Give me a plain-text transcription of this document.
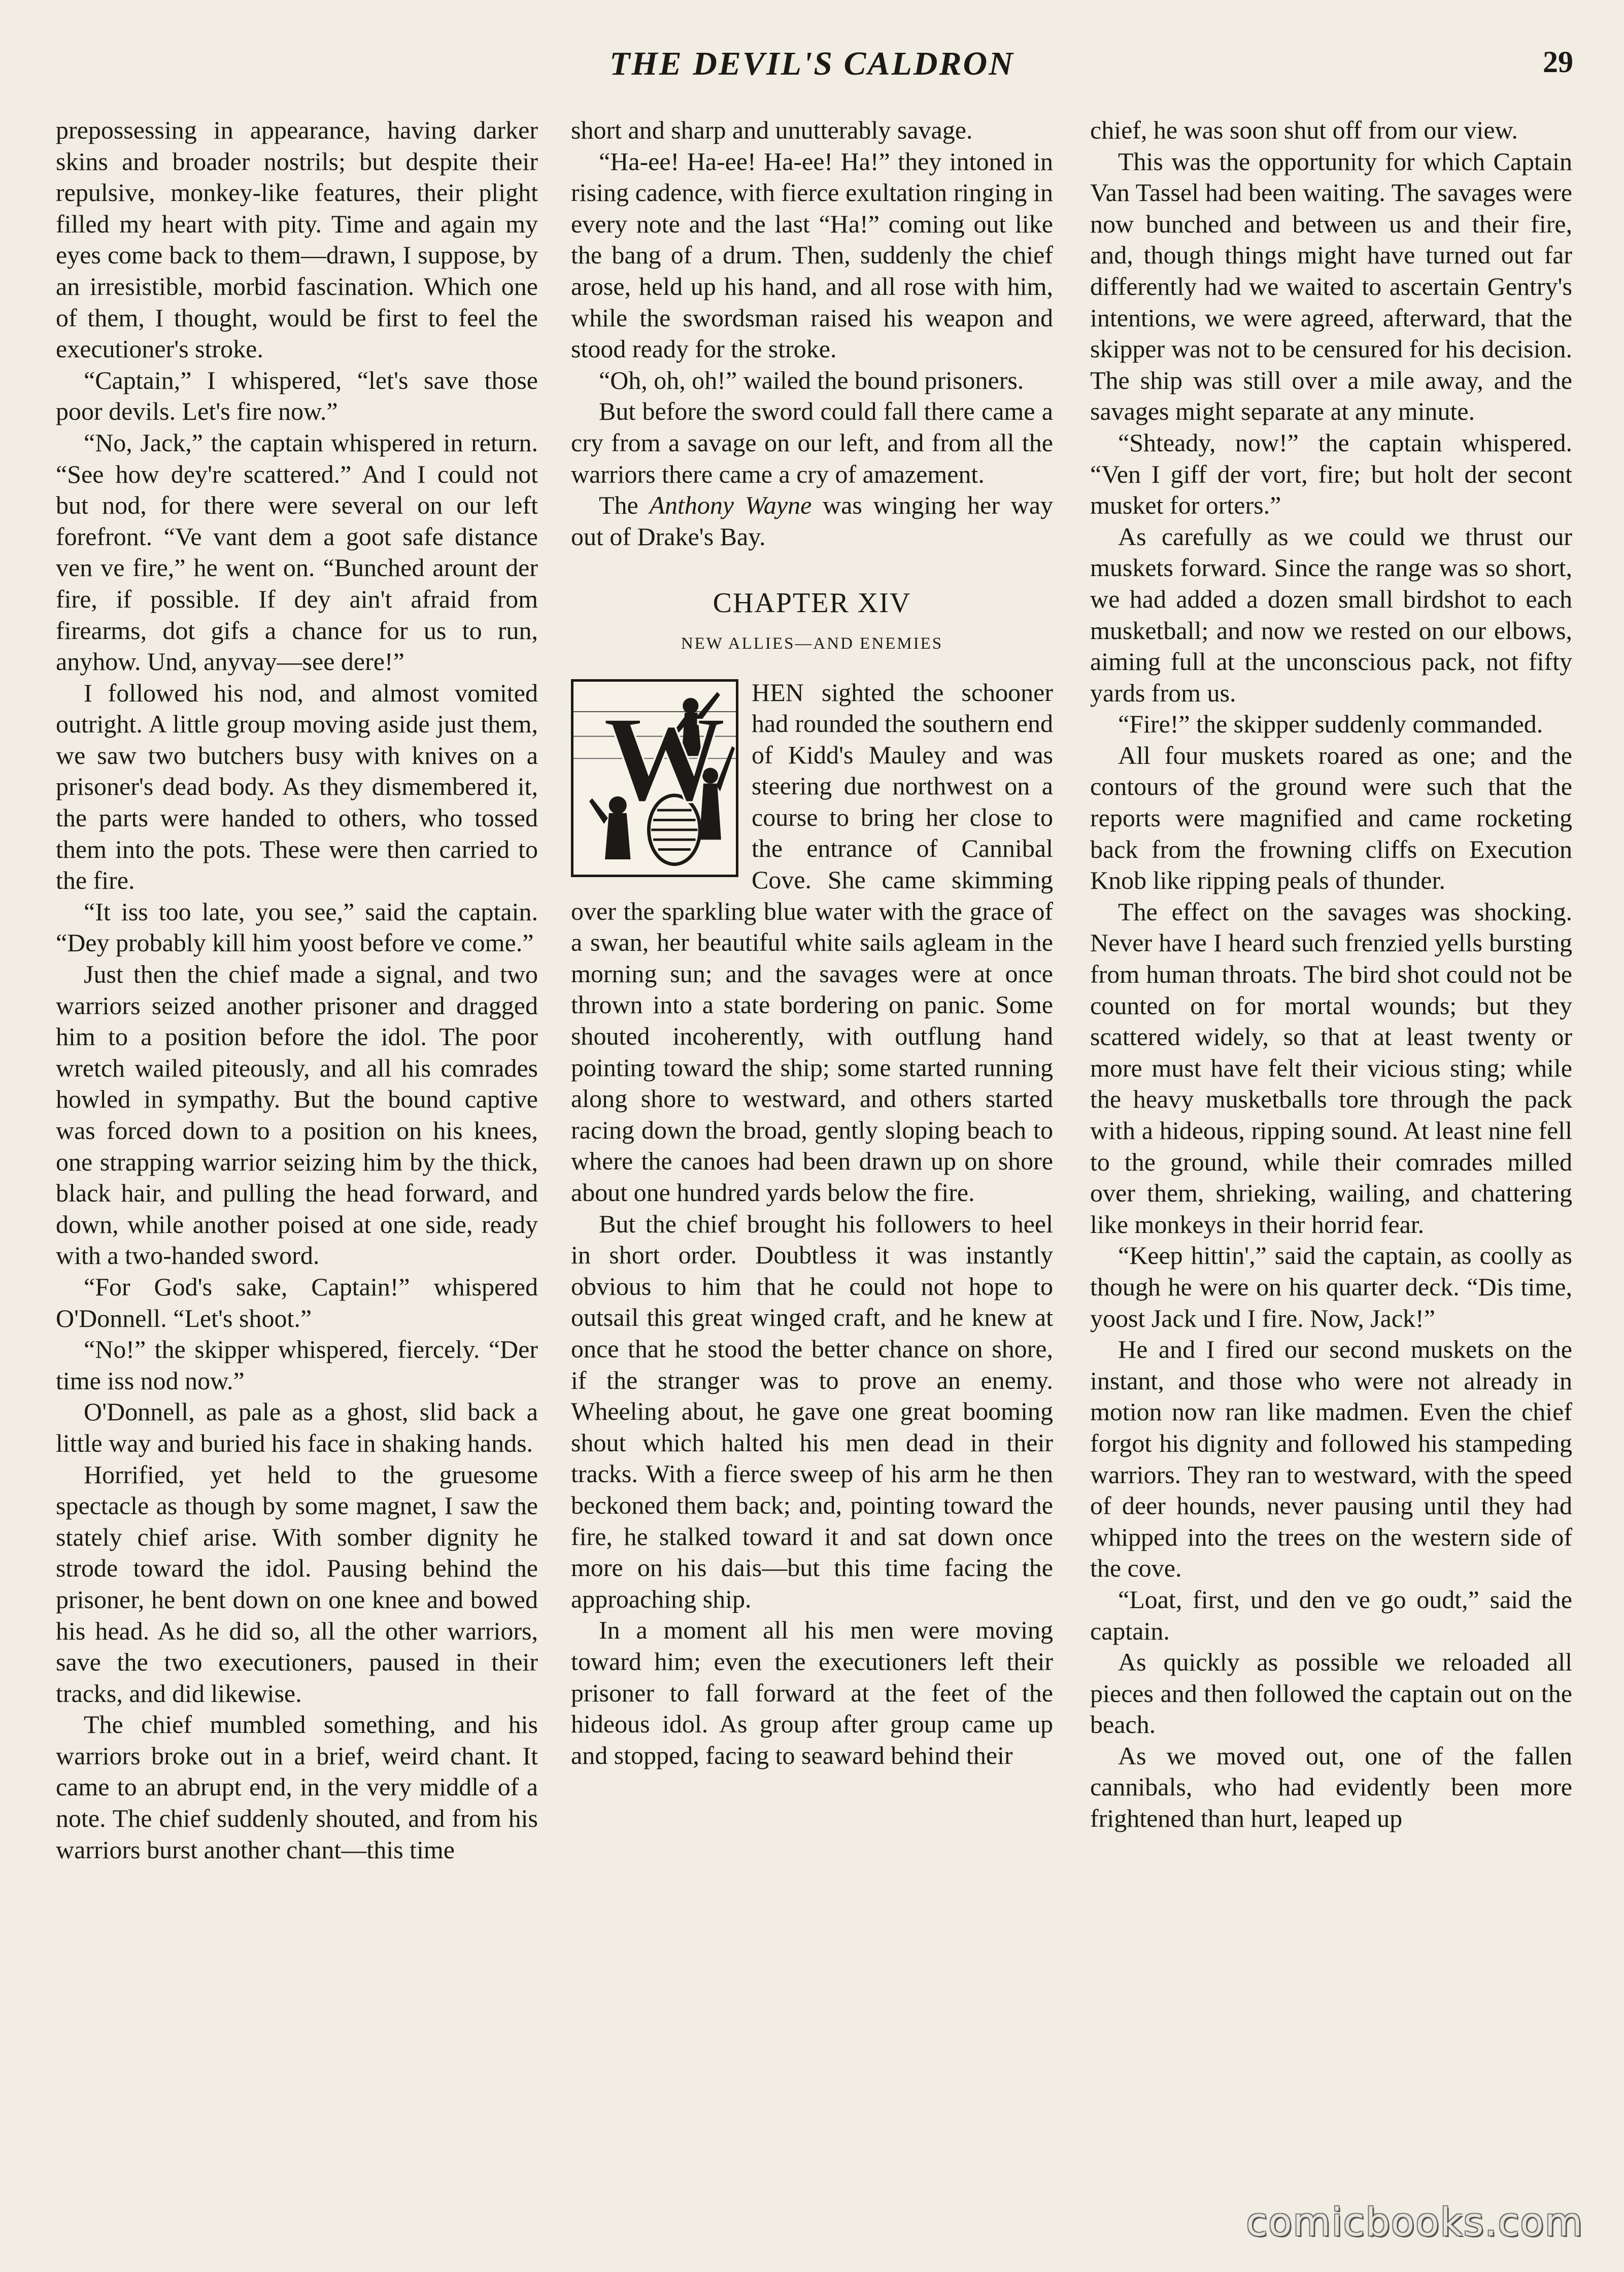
THE DEVIL'S CALDRON	29

prepossessing in appearance, having darker skins and broader nostrils; but despite their repulsive, monkey-like features, their plight filled my heart with pity. Time and again my eyes come back to them—drawn, I suppose, by an irresistible, morbid fascination. Which one of them, I thought, would be first to feel the executioner's stroke.

“Captain,” I whispered, “let's save those poor devils. Let's fire now.”

“No, Jack,” the captain whispered in return. “See how dey're scattered.” And I could not but nod, for there were several on our left forefront. “Ve vant dem a goot safe distance ven ve fire,” he went on. “Bunched arount der fire, if possible. If dey ain't afraid from firearms, dot gifs a chance for us to run, anyhow. Und, anyvay—see dere!”

I followed his nod, and almost vomited outright. A little group moving aside just them, we saw two butchers busy with knives on a prisoner's dead body. As they dismembered it, the parts were handed to others, who tossed them into the pots. These were then carried to the fire.

“It iss too late, you see,” said the captain. “Dey probably kill him yoost before ve come.”

Just then the chief made a signal, and two warriors seized another prisoner and dragged him to a position before the idol. The poor wretch wailed piteously, and all his comrades howled in sympathy. But the bound captive was forced down to a position on his knees, one strapping warrior seizing him by the thick, black hair, and pulling the head forward, and down, while another poised at one side, ready with a two-handed sword.

“For God's sake, Captain!” whispered O'Donnell. “Let's shoot.”

“No!” the skipper whispered, fiercely. “Der time iss nod now.”

O'Donnell, as pale as a ghost, slid back a little way and buried his face in shaking hands.

Horrified, yet held to the gruesome spectacle as though by some magnet, I saw the stately chief arise. With somber dignity he strode toward the idol. Pausing behind the prisoner, he bent down on one knee and bowed his head. As he did so, all the other warriors, save the two executioners, paused in their tracks, and did likewise.

The chief mumbled something, and his warriors broke out in a brief, weird chant. It came to an abrupt end, in the very middle of a note. The chief suddenly shouted, and from his warriors burst another chant—this time

short and sharp and unutterably savage.

“Ha-ee! Ha-ee! Ha-ee! Ha!” they intoned in rising cadence, with fierce exultation ringing in every note and the last “Ha!” coming out like the bang of a drum. Then, suddenly the chief arose, held up his hand, and all rose with him, while the swordsman raised his weapon and stood ready for the stroke.

“Oh, oh, oh!” wailed the bound prisoners.

But before the sword could fall there came a cry from a savage on our left, and from all the warriors there came a cry of amazement.

The Anthony Wayne was winging her way out of Drake's Bay.

CHAPTER XIV
NEW ALLIES—AND ENEMIES
W	HEN sighted the schooner had rounded the southern end of Kidd's Mauley and was steering due northwest on a course to bring her close to the entrance of Cannibal Cove. She came skimming over the sparkling blue water with the grace of a swan, her beautiful white sails agleam in the morning sun; and the savages were at once thrown into a state bordering on panic. Some shouted incoherently, with outflung hand pointing toward the ship; some started running along shore to westward, and others started racing down the broad, gently sloping beach to where the canoes had been drawn up on shore about one hundred yards below the fire.

But the chief brought his followers to heel in short order. Doubtless it was instantly obvious to him that he could not hope to outsail this great winged craft, and he knew at once that he stood the better chance on shore, if the stranger was to prove an enemy. Wheeling about, he gave one great booming shout which halted his men dead in their tracks. With a fierce sweep of his arm he then beckoned them back; and, pointing toward the fire, he stalked toward it and sat down once more on his dais—but this time facing the approaching ship.

In a moment all his men were moving toward him; even the executioners left their prisoner to fall forward at the feet of the hideous idol. As group after group came up and stopped, facing to seaward behind their

chief, he was soon shut off from our view.

This was the opportunity for which Captain Van Tassel had been waiting. The savages were now bunched and between us and their fire, and, though things might have turned out far differently had we waited to ascertain Gentry's intentions, we were agreed, afterward, that the skipper was not to be censured for his decision. The ship was still over a mile away, and the savages might separate at any minute.

“Shteady, now!” the captain whispered. “Ven I giff der vort, fire; but holt der secont musket for orters.”

As carefully as we could we thrust our muskets forward. Since the range was so short, we had added a dozen small birdshot to each musketball; and now we rested on our elbows, aiming full at the unconscious pack, not fifty yards from us.

“Fire!” the skipper suddenly commanded.

All four muskets roared as one; and the contours of the ground were such that the reports were magnified and came rocketing back from the frowning cliffs on Execution Knob like ripping peals of thunder.

The effect on the savages was shocking. Never have I heard such frenzied yells bursting from human throats. The bird shot could not be counted on for mortal wounds; but they scattered widely, so that at least twenty or more must have felt their vicious sting; while the heavy musketballs tore through the pack with a hideous, ripping sound. At least nine fell to the ground, while their comrades milled over them, shrieking, wailing, and chattering like monkeys in their horrid fear.

“Keep hittin',” said the captain, as coolly as though he were on his quarter deck. “Dis time, yoost Jack und I fire. Now, Jack!”

He and I fired our second muskets on the instant, and those who were not already in motion now ran like madmen. Even the chief forgot his dignity and followed his stampeding warriors. They ran to westward, with the speed of deer hounds, never pausing until they had whipped into the trees on the western side of the cove.

“Loat, first, und den ve go oudt,” said the captain.

As quickly as possible we reloaded all pieces and then followed the captain out on the beach.

As we moved out, one of the fallen cannibals, who had evidently been more frightened than hurt, leaped up

comicbooks.com
